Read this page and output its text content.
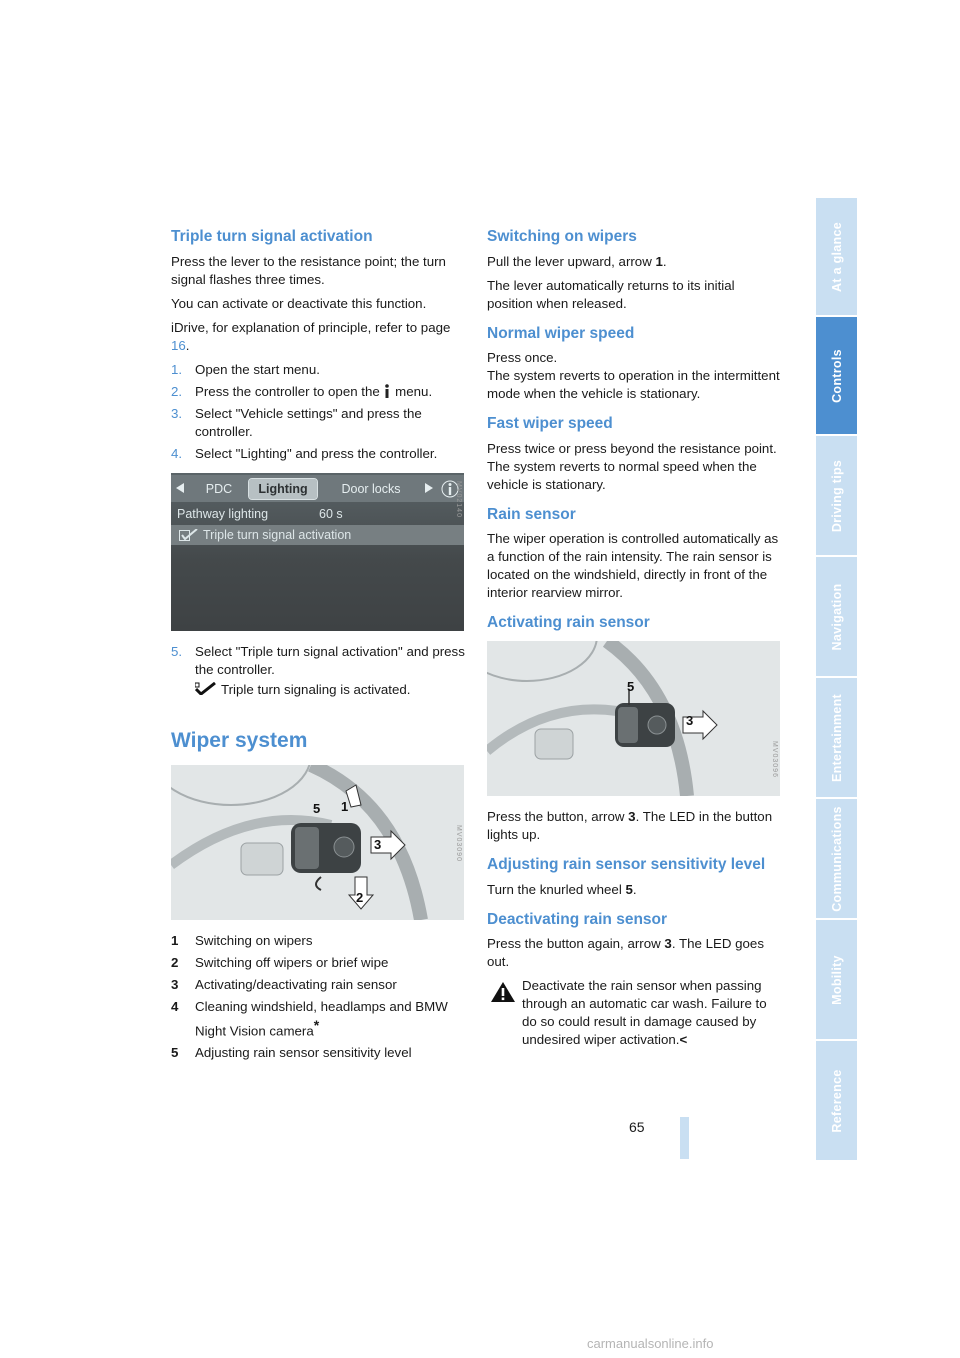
Triple turn signal activation

Press the lever to the resistance point; the turn signal flashes three times.

You can activate or deactivate this function.

iDrive, for explanation of principle, refer to page 16.

1. Open the start menu.
2. Press the controller to open the  menu.
3. Select "Vehicle settings" and press the controller.
4. Select "Lighting" and press the controller.
PDC	Lighting	Door locks
Pathway lighting	60 s
Triple turn signal activation
MV02140
5. Select "Triple turn signal activation" and press the controller.

Triple turn signaling is activated.

Wiper system
1
2
3
5
MV03090
1 Switching on wipers
2 Switching off wipers or brief wipe
3 Activating/deactivating rain sensor
4 Cleaning windshield, headlamps and BMW Night Vision camera*
5 Adjusting rain sensor sensitivity level
Switching on wipers

Pull the lever upward, arrow 1.

The lever automatically returns to its initial position when released.

Normal wiper speed

Press once.

The system reverts to operation in the intermittent mode when the vehicle is stationary.

Fast wiper speed

Press twice or press beyond the resistance point.

The system reverts to normal speed when the vehicle is stationary.

Rain sensor

The wiper operation is controlled automatically as a function of the rain intensity. The rain sensor is located on the windshield, directly in front of the interior rearview mirror.

Activating rain sensor
5
3
MV03096

Press the button, arrow 3. The LED in the button lights up.

Adjusting rain sensor sensitivity level

Turn the knurled wheel 5.

Deactivating rain sensor

Press the button again, arrow 3. The LED goes out.

Deactivate the rain sensor when passing through an automatic car wash. Failure to do so could result in damage caused by undesired wiper activation.<

65
At a glance
Controls
Driving tips
Navigation
Entertainment
Communications
Mobility
Reference
carmanualsonline.info
